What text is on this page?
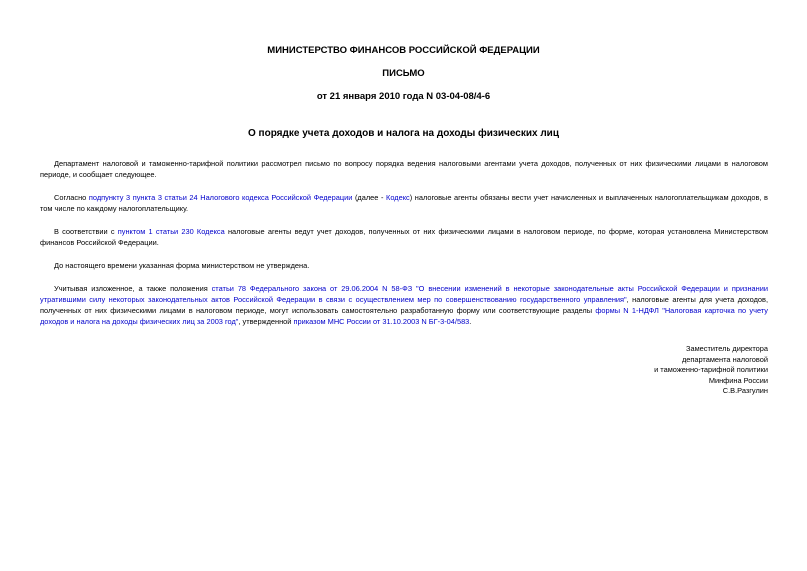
МИНИСТЕРСТВО ФИНАНСОВ РОССИЙСКОЙ ФЕДЕРАЦИИ
ПИСЬМО
от 21 января 2010 года N 03-04-08/4-6
О порядке учета доходов и налога на доходы физических лиц

Департамент налоговой и таможенно-тарифной политики рассмотрел письмо по вопросу порядка ведения налоговыми агентами учета доходов, полученных от них физическими лицами в налоговом периоде, и сообщает следующее.

Согласно подпункту 3 пункта 3 статьи 24 Налогового кодекса Российской Федерации (далее - Кодекс) налоговые агенты обязаны вести учет начисленных и выплаченных налогоплательщикам доходов, в том числе по каждому налогоплательщику.

В соответствии с пунктом 1 статьи 230 Кодекса налоговые агенты ведут учет доходов, полученных от них физическими лицами в налоговом периоде, по форме, которая установлена Министерством финансов Российской Федерации.

До настоящего времени указанная форма министерством не утверждена.

Учитывая изложенное, а также положения статьи 78 Федерального закона от 29.06.2004 N 58-ФЗ "О внесении изменений в некоторые законодательные акты Российской Федерации и признании утратившими силу некоторых законодательных актов Российской Федерации в связи с осуществлением мер по совершенствованию государственного управления", налоговые агенты для учета доходов, полученных от них физическими лицами в налоговом периоде, могут использовать самостоятельно разработанную форму или соответствующие разделы формы N 1-НДФЛ "Налоговая карточка по учету доходов и налога на доходы физических лиц за 2003 год", утвержденной приказом МНС России от 31.10.2003 N БГ-3-04/583.

Заместитель директора
департамента налоговой
и таможенно-тарифной политики
Минфина России
С.В.Разгулин
